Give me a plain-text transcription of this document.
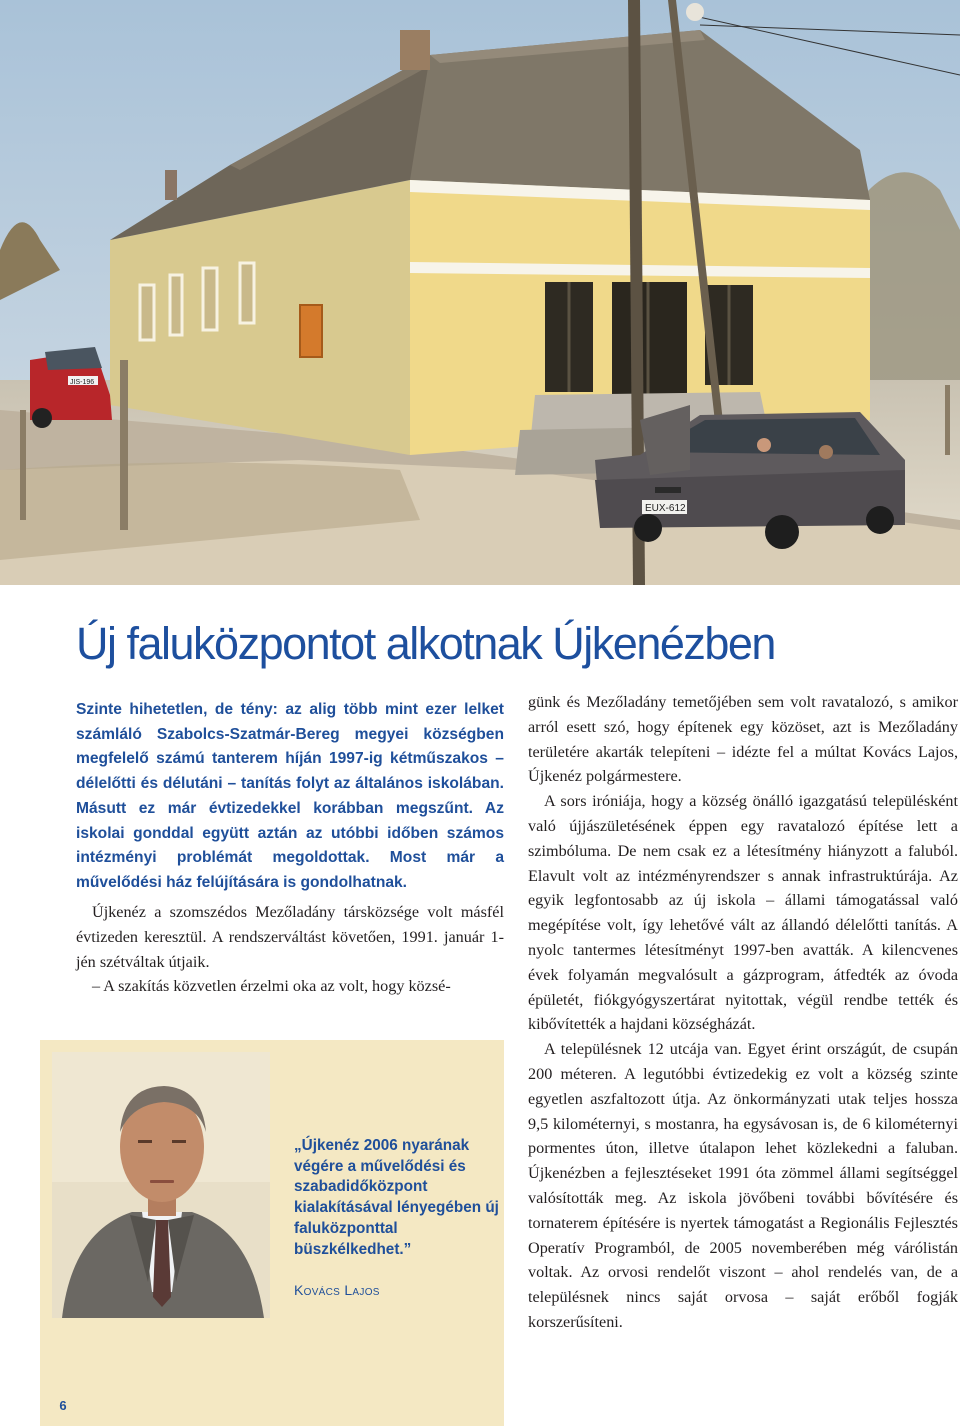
JIS-196
EUX-612
Új faluközpontot alkotnak Újkenézben

Szinte hihetetlen, de tény: az alig több mint ezer lelket számláló Szabolcs-Szatmár-Bereg megyei községben megfelelő számú tanterem híján 1997-ig kétműszakos – délelőtti és délutáni – tanítás folyt az általános iskolában. Másutt ez már évtizedekkel korábban megszűnt. Az iskolai gonddal együtt aztán az utóbbi időben számos intézményi problémát megoldottak. Most már a művelődési ház felújítására is gondolhatnak.

Újkenéz a szomszédos Mezőladány társközsége volt másfél évtizeden keresztül. A rendszerváltást követően, 1991. január 1-jén szétváltak útjaik.

– A szakítás közvetlen érzelmi oka az volt, hogy közsé-

„Újkenéz 2006 nyarának végére a művelődési és szabadidőközpont kialakításával lényegében új faluközponttal büszkélkedhet.”

Kovács Lajos

günk és Mezőladány temetőjében sem volt ravatalozó, s amikor arról esett szó, hogy építenek egy közöset, azt is Mezőladány területére akarták telepíteni – idézte fel a múltat Kovács Lajos, Újkenéz polgármestere.

A sors iróniája, hogy a község önálló igazgatású településként való újjászületésének éppen egy ravatalozó építése lett a szimbóluma. De nem csak ez a létesítmény hiányzott a faluból. Elavult volt az intézményrendszer s annak infrastruktúrája. Az egyik legfontosabb az új iskola – állami támogatással való megépítése volt, így lehetővé vált az állandó délelőtti tanítás. A nyolc tantermes létesítményt 1997-ben avatták. A kilencvenes évek folyamán megvalósult a gázprogram, átfedték az óvoda épületét, fiókgyógyszertárat nyitottak, végül rendbe tették és kibővítették a hajdani községházát.

A településnek 12 utcája van. Egyet érint országút, de csupán 200 méteren. A legutóbbi évtizedekig ez volt a község szinte egyetlen aszfaltozott útja. Az önkormányzati utak teljes hossza 9,5 kilométernyi, s mostanra, ha egysávosan is, de 6 kilométernyi pormentes úton, illetve útalapon lehet közlekedni a faluban. Újkenézben a fejlesztéseket 1991 óta zömmel állami segítséggel valósították meg. Az iskola jövőbeni további bővítésére és tornaterem építésére is nyertek támogatást a Regionális Fejlesztés Operatív Programból, de 2005 novemberében még várólistán voltak. Az orvosi rendelőt viszont – ahol rendelés van, de a településnek nincs saját orvosa – saját erőből fogják korszerűsíteni.

6
